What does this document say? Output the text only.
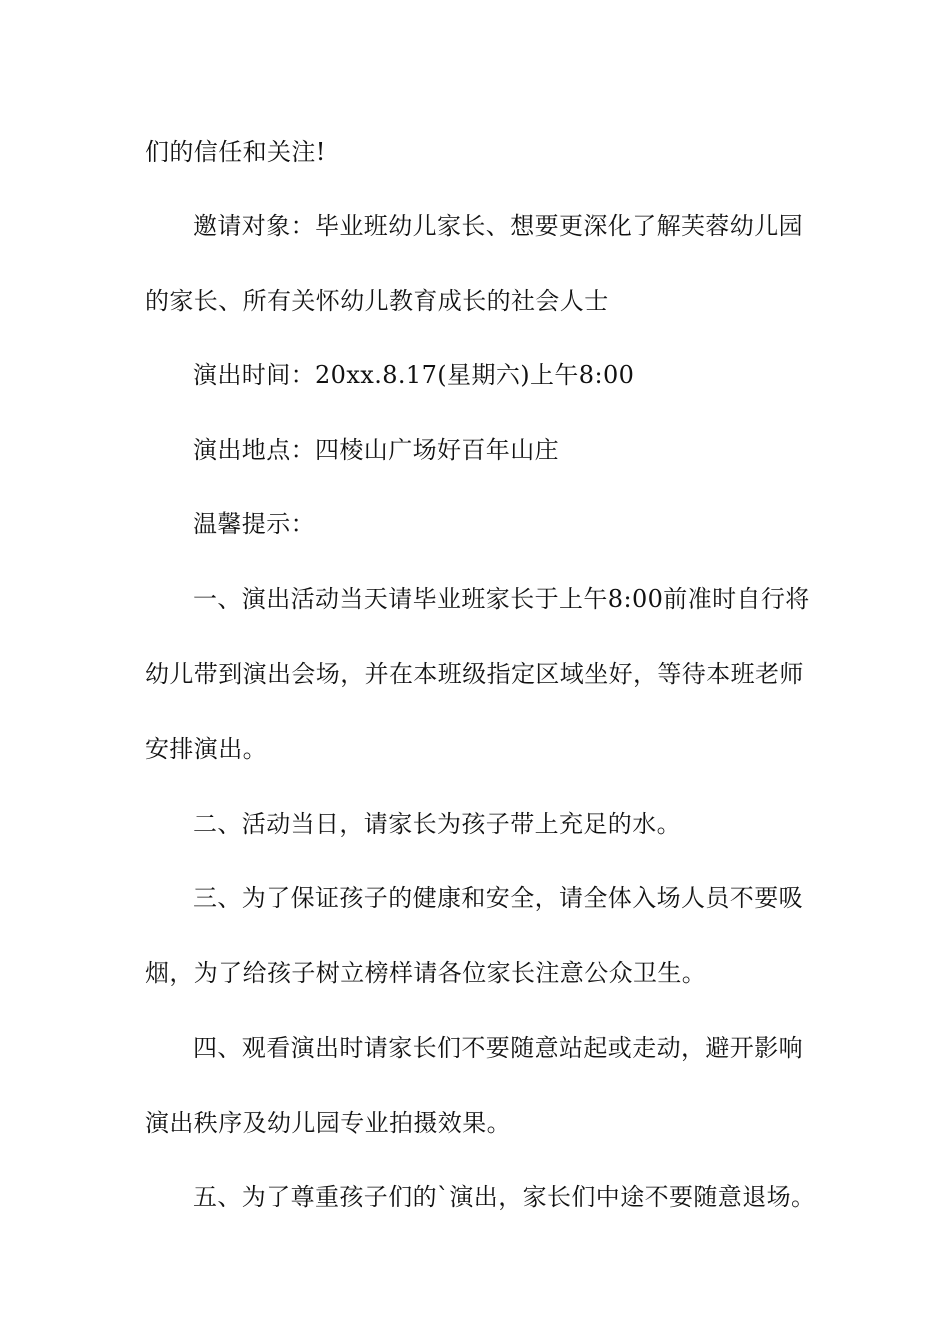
们的信任和关注!

邀请对象：毕业班幼儿家长、想要更深化了解芙蓉幼儿园

的家长、所有关怀幼儿教育成长的社会人士

演出时间：20xx.8.17(星期六)上午8:00

演出地点：四棱山广场好百年山庄

温馨提示：

一、演出活动当天请毕业班家长于上午8:00前准时自行将

幼儿带到演出会场，并在本班级指定区域坐好，等待本班老师

安排演出。

二、活动当日，请家长为孩子带上充足的水。

三、为了保证孩子的健康和安全，请全体入场人员不要吸

烟，为了给孩子树立榜样请各位家长注意公众卫生。

四、观看演出时请家长们不要随意站起或走动，避开影响

演出秩序及幼儿园专业拍摄效果。

五、为了尊重孩子们的`演出，家长们中途不要随意退场。
